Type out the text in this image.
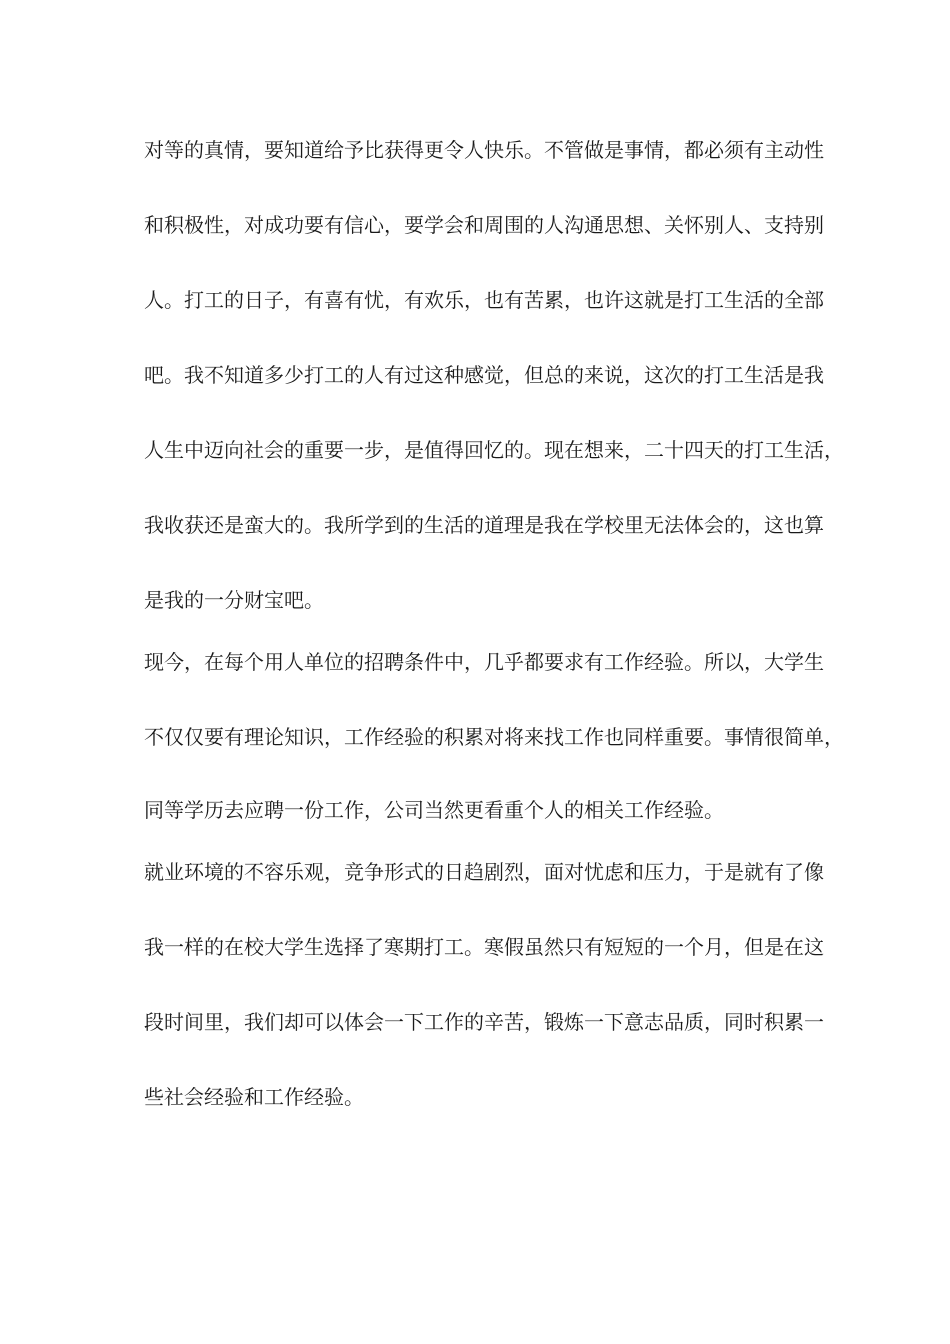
对等的真情，要知道给予比获得更令人快乐。不管做是事情，都必须有主动性
和积极性，对成功要有信心，要学会和周围的人沟通思想、关怀别人、支持别
人。打工的日子，有喜有忧，有欢乐，也有苦累，也许这就是打工生活的全部
吧。我不知道多少打工的人有过这种感觉，但总的来说，这次的打工生活是我
人生中迈向社会的重要一步，是值得回忆的。现在想来，二十四天的打工生活，
我收获还是蛮大的。我所学到的生活的道理是我在学校里无法体会的，这也算
是我的一分财宝吧。
现今，在每个用人单位的招聘条件中，几乎都要求有工作经验。所以，大学生
不仅仅要有理论知识，工作经验的积累对将来找工作也同样重要。事情很简单，
同等学历去应聘一份工作，公司当然更看重个人的相关工作经验。
就业环境的不容乐观，竞争形式的日趋剧烈，面对忧虑和压力，于是就有了像
我一样的在校大学生选择了寒期打工。寒假虽然只有短短的一个月，但是在这
段时间里，我们却可以体会一下工作的辛苦，锻炼一下意志品质，同时积累一
些社会经验和工作经验。
